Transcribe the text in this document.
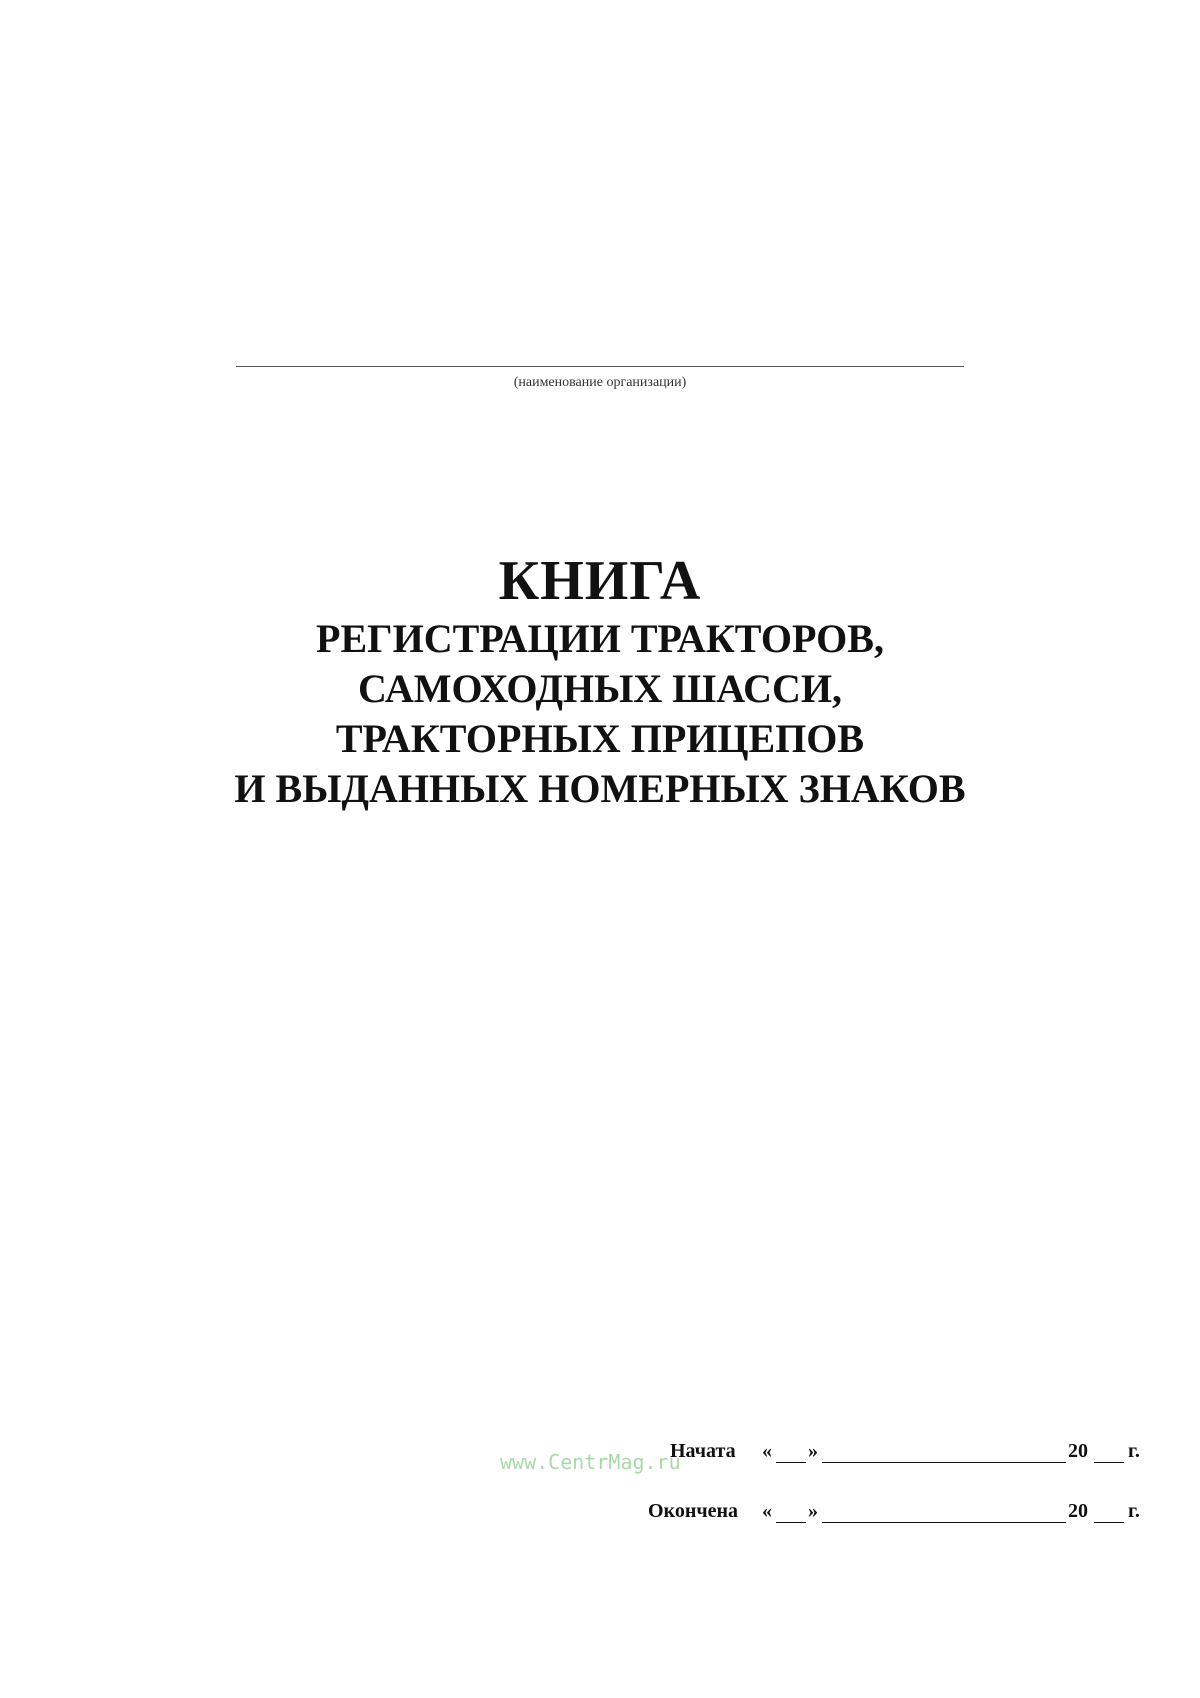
(наименование организации)
КНИГА
РЕГИСТРАЦИИ ТРАКТОРОВ,
САМОХОДНЫХ ШАССИ,
ТРАКТОРНЫХ ПРИЦЕПОВ
И ВЫДАННЫХ НОМЕРНЫХ ЗНАКОВ
www.CentrMag.ru
Начата « »	20 г.
Окончена « »	20 г.
